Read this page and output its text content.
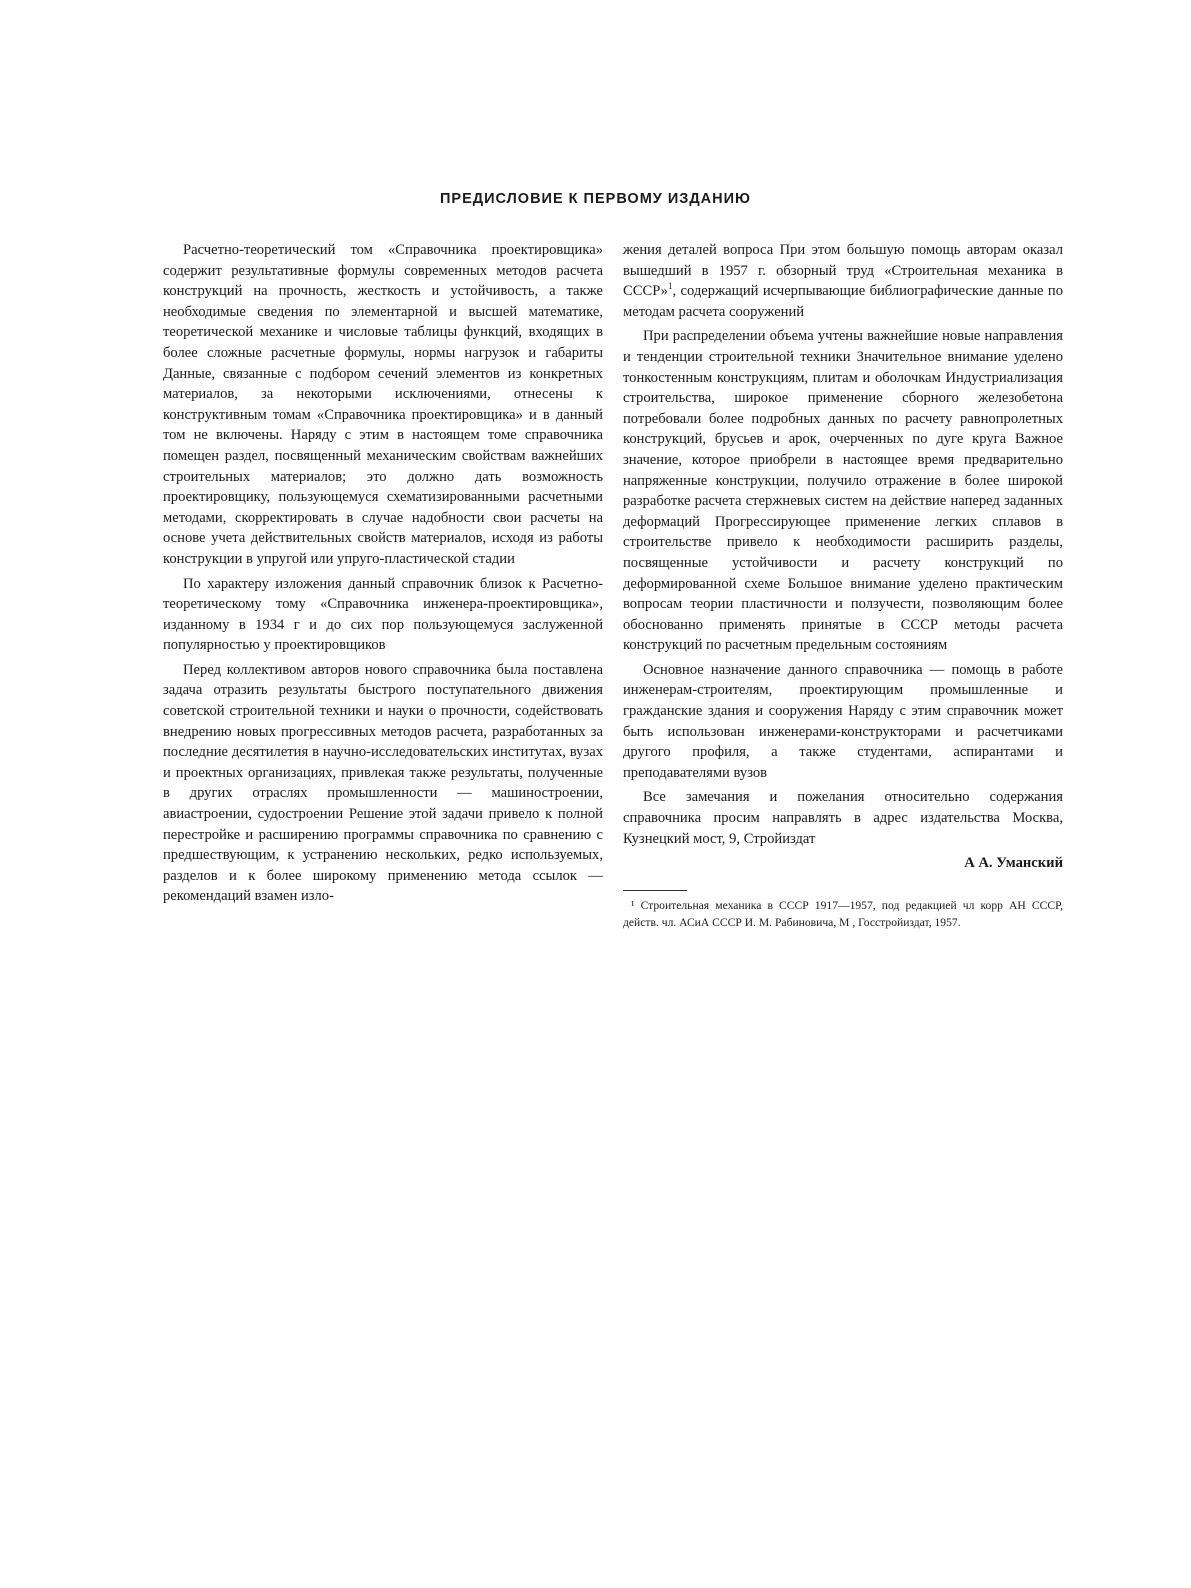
ПРЕДИСЛОВИЕ К ПЕРВОМУ ИЗДАНИЮ

Расчетно-теоретический том «Справочника проектировщика» содержит результативные формулы современных методов расчета конструкций на прочность, жесткость и устойчивость, а также необходимые сведения по элементарной и высшей математике, теоретической механике и числовые таблицы функций, входящих в более сложные расчетные формулы, нормы нагрузок и габариты Данные, связанные с подбором сечений элементов из конкретных материалов, за некоторыми исключениями, отнесены к конструктивным томам «Справочника проектировщика» и в данный том не включены. Наряду с этим в настоящем томе справочника помещен раздел, посвященный механическим свойствам важнейших строительных материалов; это должно дать возможность проектировщику, пользующемуся схематизированными расчетными методами, скорректировать в случае надобности свои расчеты на основе учета действительных свойств материалов, исходя из работы конструкции в упругой или упруго-пластической стадии

По характеру изложения данный справочник близок к Расчетно-теоретическому тому «Справочника инженера-проектировщика», изданному в 1934 г и до сих пор пользующемуся заслуженной популярностью у проектировщиков

Перед коллективом авторов нового справочника была поставлена задача отразить результаты быстрого поступательного движения советской строительной техники и науки о прочности, содействовать внедрению новых прогрессивных методов расчета, разработанных за последние десятилетия в научно-исследовательских институтах, вузах и проектных организациях, привлекая также результаты, полученные в других отраслях промышленности — машиностроении, авиастроении, судостроении Решение этой задачи привело к полной перестройке и расширению программы справочника по сравнению с предшествующим, к устранению нескольких, редко используемых, разделов и к более широкому применению метода ссылок — рекомендаций взамен изло-

жения деталей вопроса При этом большую помощь авторам оказал вышедший в 1957 г. обзорный труд «Строительная механика в СССР»$^1$, содержащий исчерпывающие библиографические данные по методам расчета сооружений

При распределении объема учтены важнейшие новые направления и тенденции строительной техники Значительное внимание уделено тонкостенным конструкциям, плитам и оболочкам Индустриализация строительства, широкое применение сборного железобетона потребовали более подробных данных по расчету равнопролетных конструкций, брусьев и арок, очерченных по дуге круга Важное значение, которое приобрели в настоящее время предварительно напряженные конструкции, получило отражение в более широкой разработке расчета стержневых систем на действие наперед заданных деформаций Прогрессирующее применение легких сплавов в строительстве привело к необходимости расширить разделы, посвященные устойчивости и расчету конструкций по деформированной схеме Большое внимание уделено практическим вопросам теории пластичности и ползучести, позволяющим более обоснованно применять принятые в СССР методы расчета конструкций по расчетным предельным состояниям

Основное назначение данного справочника — помощь в работе инженерам-строителям, проектирующим промышленные и гражданские здания и сооружения Наряду с этим справочник может быть использован инженерами-конструкторами и расчетчиками другого профиля, а также студентами, аспирантами и преподавателями вузов

Все замечания и пожелания относительно содержания справочника просим направлять в адрес издательства Москва, Кузнецкий мост, 9, Стройиздат

А А. Уманский

¹ Строительная механика в СССР 1917—1957, под редакцией чл корр АН СССР, действ. чл. АСиА СССР И. М. Рабиновича, М , Госстройиздат, 1957.
